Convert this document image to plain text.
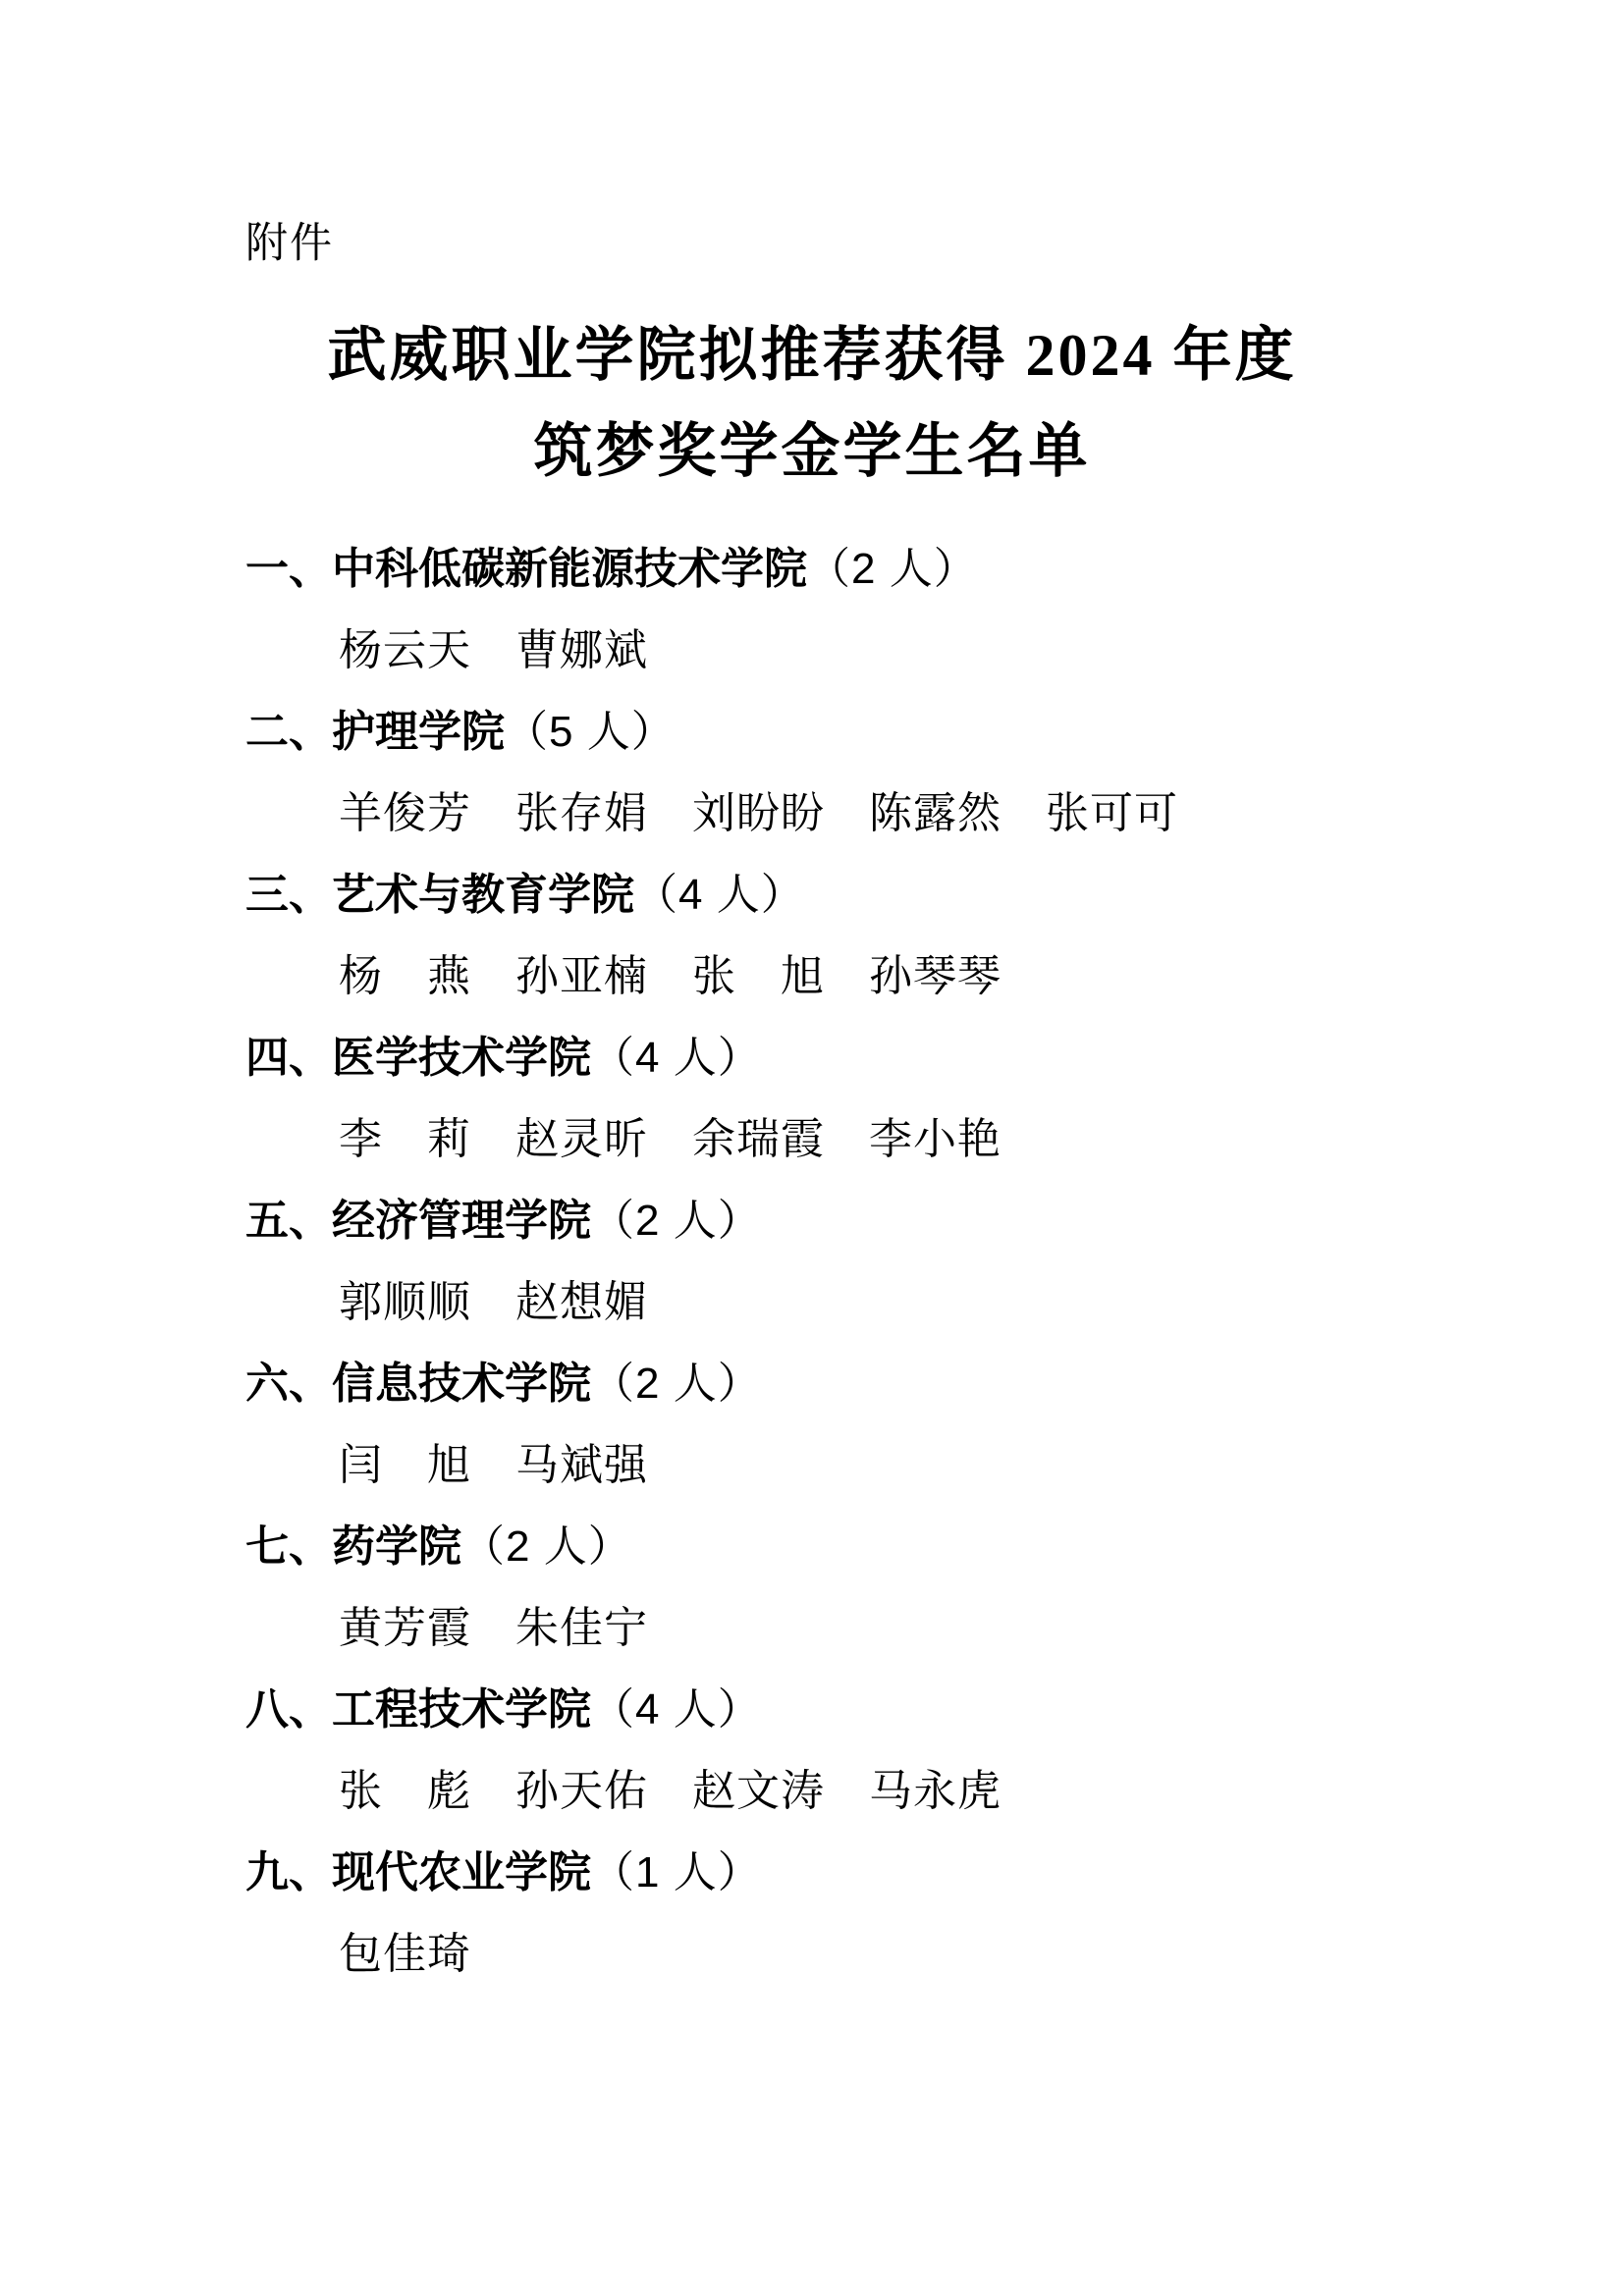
附件
武威职业学院拟推荐获得 2024 年度
筑梦奖学金学生名单
一、中科低碳新能源技术学院（2 人）
杨云天　曹娜斌
二、护理学院（5 人）
羊俊芳　张存娟　刘盼盼　陈露然　张可可
三、艺术与教育学院（4 人）
杨　燕　孙亚楠　张　旭　孙琴琴
四、医学技术学院（4 人）
李　莉　赵灵昕　余瑞霞　李小艳
五、经济管理学院（2 人）
郭顺顺　赵想媚
六、信息技术学院（2 人）
闫　旭　马斌强
七、药学院（2 人）
黄芳霞　朱佳宁
八、工程技术学院（4 人）
张　彪　孙天佑　赵文涛　马永虎
九、现代农业学院（1 人）
包佳琦
